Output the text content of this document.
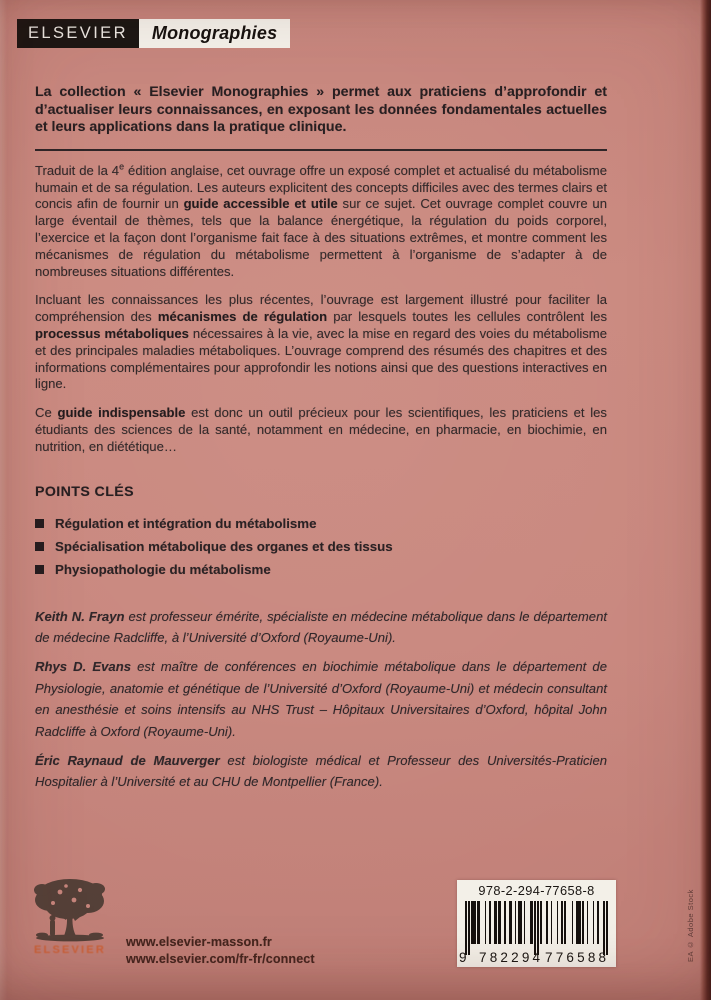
ELSEVIER Monographies

La collection « Elsevier Monographies » permet aux praticiens d’approfondir et d’actualiser leurs connaissances, en exposant les données fondamentales actuelles et leurs applications dans la pratique clinique.

Traduit de la 4e édition anglaise, cet ouvrage offre un exposé complet et actualisé du métabolisme humain et de sa régulation. Les auteurs explicitent des concepts difficiles avec des termes clairs et concis afin de fournir un guide accessible et utile sur ce sujet. Cet ouvrage complet couvre un large éventail de thèmes, tels que la balance énergétique, la régulation du poids corporel, l’exercice et la façon dont l’organisme fait face à des situations extrêmes, et montre comment les mécanismes de régulation du métabolisme permettent à l’organisme de s’adapter à de nombreuses situations différentes.

Incluant les connaissances les plus récentes, l’ouvrage est largement illustré pour faciliter la compréhension des mécanismes de régulation par lesquels toutes les cellules contrôlent les processus métaboliques nécessaires à la vie, avec la mise en regard des voies du métabolisme et des principales maladies métaboliques. L’ouvrage comprend des résumés des chapitres et des informations complémentaires pour approfondir les notions ainsi que des questions interactives en ligne.

Ce guide indispensable est donc un outil précieux pour les scientifiques, les praticiens et les étudiants des sciences de la santé, notamment en médecine, en pharmacie, en biochimie, en nutrition, en diététique…

POINTS CLÉS
Régulation et intégration du métabolisme
Spécialisation métabolique des organes et des tissus
Physiopathologie du métabolisme

Keith N. Frayn est professeur émérite, spécialiste en médecine métabolique dans le département de médecine Radcliffe, à l’Université d’Oxford (Royaume-Uni).

Rhys D. Evans est maître de conférences en biochimie métabolique dans le département de Physiologie, anatomie et génétique de l’Université d’Oxford (Royaume-Uni) et médecin consultant en anesthésie et soins intensifs au NHS Trust – Hôpitaux Universitaires d’Oxford, hôpital John Radcliffe à Oxford (Royaume-Uni).

Éric Raynaud de Mauverger est biologiste médical et Professeur des Universités-Praticien Hospitalier à l’Université et au CHU de Montpellier (France).

ELSEVIER
www.elsevier-masson.fr
www.elsevier.com/fr-fr/connect
978-2-294-77658-8
9 782294 776588	EA © Adobe Stock
